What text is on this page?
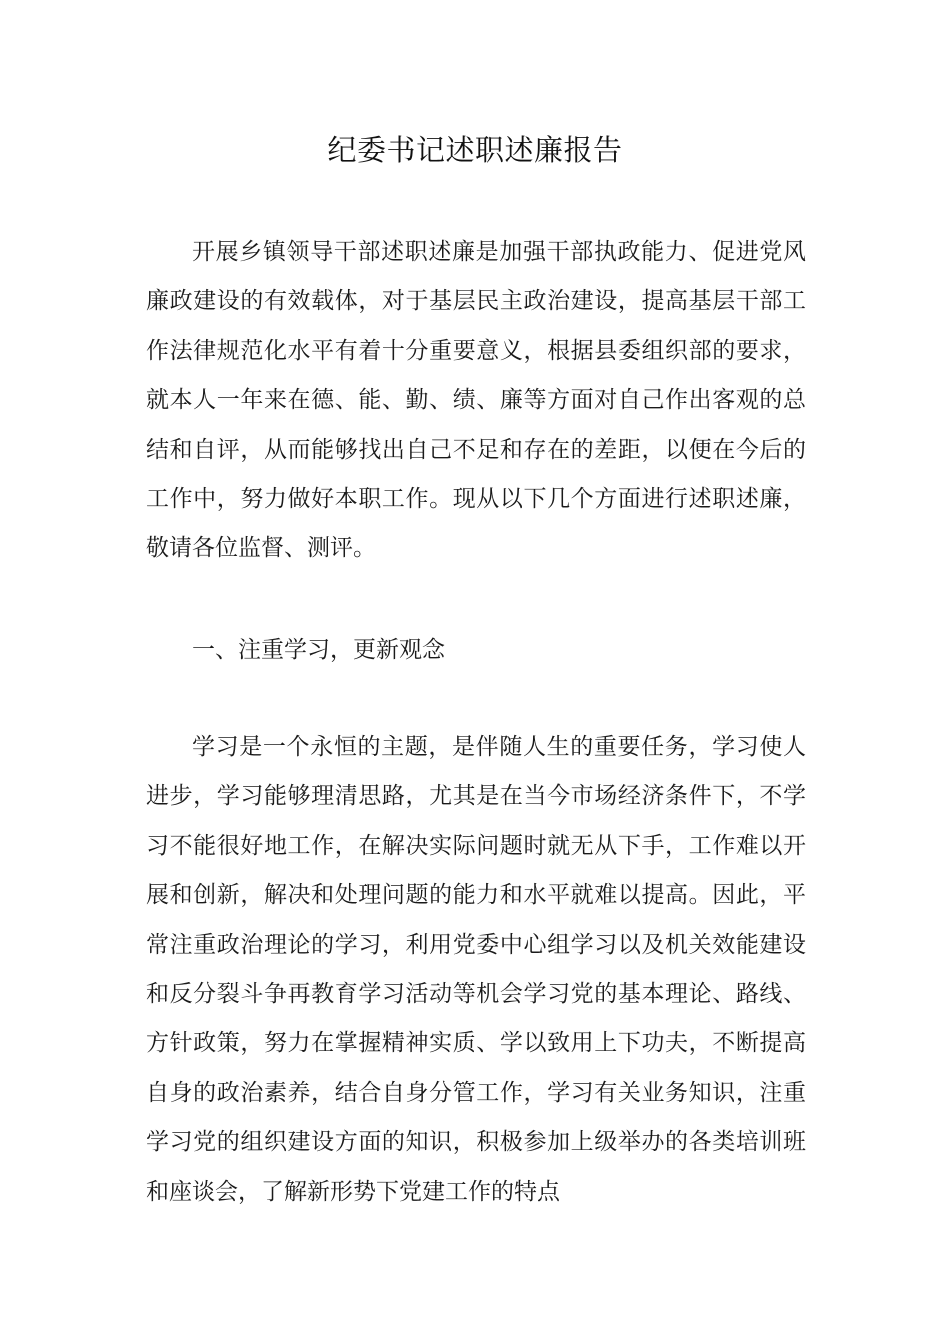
纪委书记述职述廉报告

开展乡镇领导干部述职述廉是加强干部执政能力、促进党风廉政建设的有效载体，对于基层民主政治建设，提高基层干部工作法律规范化水平有着十分重要意义，根据县委组织部的要求，就本人一年来在德、能、勤、绩、廉等方面对自己作出客观的总结和自评，从而能够找出自己不足和存在的差距，以便在今后的工作中，努力做好本职工作。现从以下几个方面进行述职述廉，敬请各位监督、测评。

一、注重学习，更新观念

学习是一个永恒的主题，是伴随人生的重要任务，学习使人进步，学习能够理清思路，尤其是在当今市场经济条件下，不学习不能很好地工作，在解决实际问题时就无从下手，工作难以开展和创新，解决和处理问题的能力和水平就难以提高。因此，平常注重政治理论的学习，利用党委中心组学习以及机关效能建设和反分裂斗争再教育学习活动等机会学习党的基本理论、路线、方针政策，努力在掌握精神实质、学以致用上下功夫，不断提高自身的政治素养，结合自身分管工作，学习有关业务知识，注重学习党的组织建设方面的知识，积极参加上级举办的各类培训班和座谈会，了解新形势下党建工作的特点
